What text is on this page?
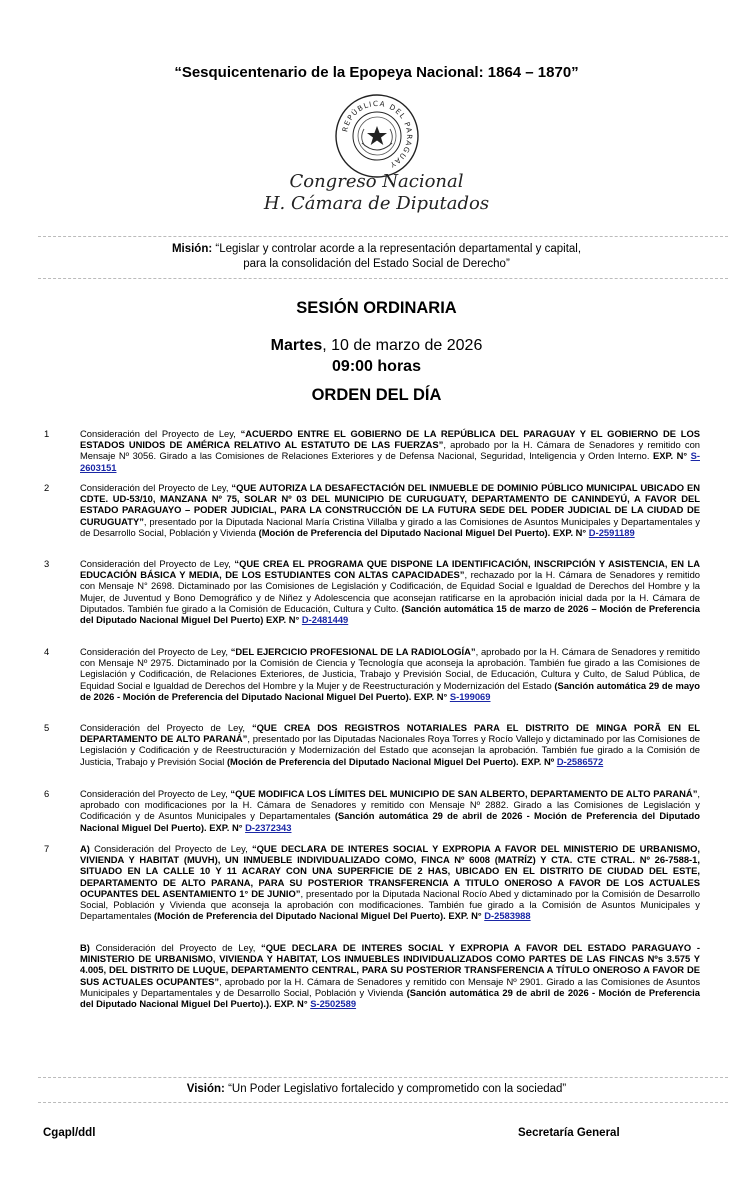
“Sesquicentenario de la Epopeya Nacional: 1864 – 1870”
REPÚBLICA DEL PARAGUAY
Congreso Nacional
H. Cámara de Diputados
Misión: “Legislar y controlar acorde a la representación departamental y capital,
para la consolidación del Estado Social de Derecho”
SESIÓN ORDINARIA
Martes, 10 de marzo de 2026
09:00 horas
ORDEN DEL DÍA
1	Consideración del Proyecto de Ley, “ACUERDO ENTRE EL GOBIERNO DE LA REPÚBLICA DEL PARAGUAY Y EL GOBIERNO DE LOS ESTADOS UNIDOS DE AMÉRICA RELATIVO AL ESTATUTO DE LAS FUERZAS”, aprobado por la H. Cámara de Senadores y remitido con Mensaje Nº 3056. Girado a las Comisiones de Relaciones Exteriores y de Defensa Nacional, Seguridad, Inteligencia y Orden Interno. EXP. N° S-2603151
2	Consideración del Proyecto de Ley, “QUE AUTORIZA LA DESAFECTACIÓN DEL INMUEBLE DE DOMINIO PÚBLICO MUNICIPAL UBICADO EN CDTE. UD-53/10, MANZANA Nº 75, SOLAR Nº 03 DEL MUNICIPIO DE CURUGUATY, DEPARTAMENTO DE CANINDEYÚ, A FAVOR DEL ESTADO PARAGUAYO – PODER JUDICIAL, PARA LA CONSTRUCCIÓN DE LA FUTURA SEDE DEL PODER JUDICIAL DE LA CIUDAD DE CURUGUATY”, presentado por la Diputada Nacional María Cristina Villalba y girado a las Comisiones de Asuntos Municipales y Departamentales y de Desarrollo Social, Población y Vivienda (Moción de Preferencia del Diputado Nacional Miguel Del Puerto). EXP. N° D-2591189
3	Consideración del Proyecto de Ley, “QUE CREA EL PROGRAMA QUE DISPONE LA IDENTIFICACIÓN, INSCRIPCIÓN Y ASISTENCIA, EN LA EDUCACIÓN BÁSICA Y MEDIA, DE LOS ESTUDIANTES CON ALTAS CAPACIDADES”, rechazado por la H. Cámara de Senadores y remitido con Mensaje N° 2698. Dictaminado por las Comisiones de Legislación y Codificación, de Equidad Social e Igualdad de Derechos del Hombre y la Mujer, de Juventud y Bono Demográfico y de Niñez y Adolescencia que aconsejan ratificarse en la aprobación inicial dada por la H. Cámara de Diputados. También fue girado a la Comisión de Educación, Cultura y Culto. (Sanción automática 15 de marzo de 2026 – Moción de Preferencia del Diputado Nacional Miguel Del Puerto) EXP. N° D-2481449
4	Consideración del Proyecto de Ley, “DEL EJERCICIO PROFESIONAL DE LA RADIOLOGÍA”, aprobado por la H. Cámara de Senadores y remitido con Mensaje Nº 2975. Dictaminado por la Comisión de Ciencia y Tecnología que aconseja la aprobación. También fue girado a las Comisiones de Legislación y Codificación, de Relaciones Exteriores, de Justicia, Trabajo y Previsión Social, de Educación, Cultura y Culto, de Salud Pública, de Equidad Social e Igualdad de Derechos del Hombre y la Mujer y de Reestructuración y Modernización del Estado (Sanción automática 29 de mayo de 2026 - Moción de Preferencia del Diputado Nacional Miguel Del Puerto). EXP. N° S-199069
5	Consideración del Proyecto de Ley, “QUE CREA DOS REGISTROS NOTARIALES PARA EL DISTRITO DE MINGA PORÃ EN EL DEPARTAMENTO DE ALTO PARANÁ”, presentado por las Diputadas Nacionales Roya Torres y Rocío Vallejo y dictaminado por las Comisiones de Legislación y Codificación y de Reestructuración y Modernización del Estado que aconsejan la aprobación. También fue girado a la Comisión de Justicia, Trabajo y Previsión Social (Moción de Preferencia del Diputado Nacional Miguel Del Puerto). EXP. Nº D-2586572
6	Consideración del Proyecto de Ley, “QUE MODIFICA LOS LÍMITES DEL MUNICIPIO DE SAN ALBERTO, DEPARTAMENTO DE ALTO PARANÁ”, aprobado con modificaciones por la H. Cámara de Senadores y remitido con Mensaje Nº 2882. Girado a las Comisiones de Legislación y Codificación y de Asuntos Municipales y Departamentales (Sanción automática 29 de abril de 2026 - Moción de Preferencia del Diputado Nacional Miguel Del Puerto). EXP. N° D-2372343
7	A) Consideración del Proyecto de Ley, “QUE DECLARA DE INTERES SOCIAL Y EXPROPIA A FAVOR DEL MINISTERIO DE URBANISMO, VIVIENDA Y HABITAT (MUVH), UN INMUEBLE INDIVIDUALIZADO COMO, FINCA Nº 6008 (MATRÍZ) Y CTA. CTE CTRAL. Nº 26-7588-1, SITUADO EN LA CALLE 10 Y 11 ACARAY CON UNA SUPERFICIE DE 2 HAS, UBICADO EN EL DISTRITO DE CIUDAD DEL ESTE, DEPARTAMENTO DE ALTO PARANA, PARA SU POSTERIOR TRANSFERENCIA A TITULO ONEROSO A FAVOR DE LOS ACTUALES OCUPANTES DEL ASENTAMIENTO 1° DE JUNIO”, presentado por la Diputada Nacional Rocío Abed y dictaminado por la Comisión de Desarrollo Social, Población y Vivienda que aconseja la aprobación con modificaciones. También fue girado a la Comisión de Asuntos Municipales y Departamentales (Moción de Preferencia del Diputado Nacional Miguel Del Puerto). EXP. N° D-2583988
B) Consideración del Proyecto de Ley, “QUE DECLARA DE INTERES SOCIAL Y EXPROPIA A FAVOR DEL ESTADO PARAGUAYO - MINISTERIO DE URBANISMO, VIVIENDA Y HABITAT, LOS INMUEBLES INDIVIDUALIZADOS COMO PARTES DE LAS FINCAS Nºs 3.575 Y 4.005, DEL DISTRITO DE LUQUE, DEPARTAMENTO CENTRAL, PARA SU POSTERIOR TRANSFERENCIA A TÍTULO ONEROSO A FAVOR DE SUS ACTUALES OCUPANTES”, aprobado por la H. Cámara de Senadores y remitido con Mensaje Nº 2901. Girado a las Comisiones de Asuntos Municipales y Departamentales y de Desarrollo Social, Población y Vivienda (Sanción automática 29 de abril de 2026 - Moción de Preferencia del Diputado Nacional Miguel Del Puerto).). EXP. N° S-2502589
Visión: “Un Poder Legislativo fortalecido y comprometido con la sociedad”
Cgapl/ddl	Secretaría General
